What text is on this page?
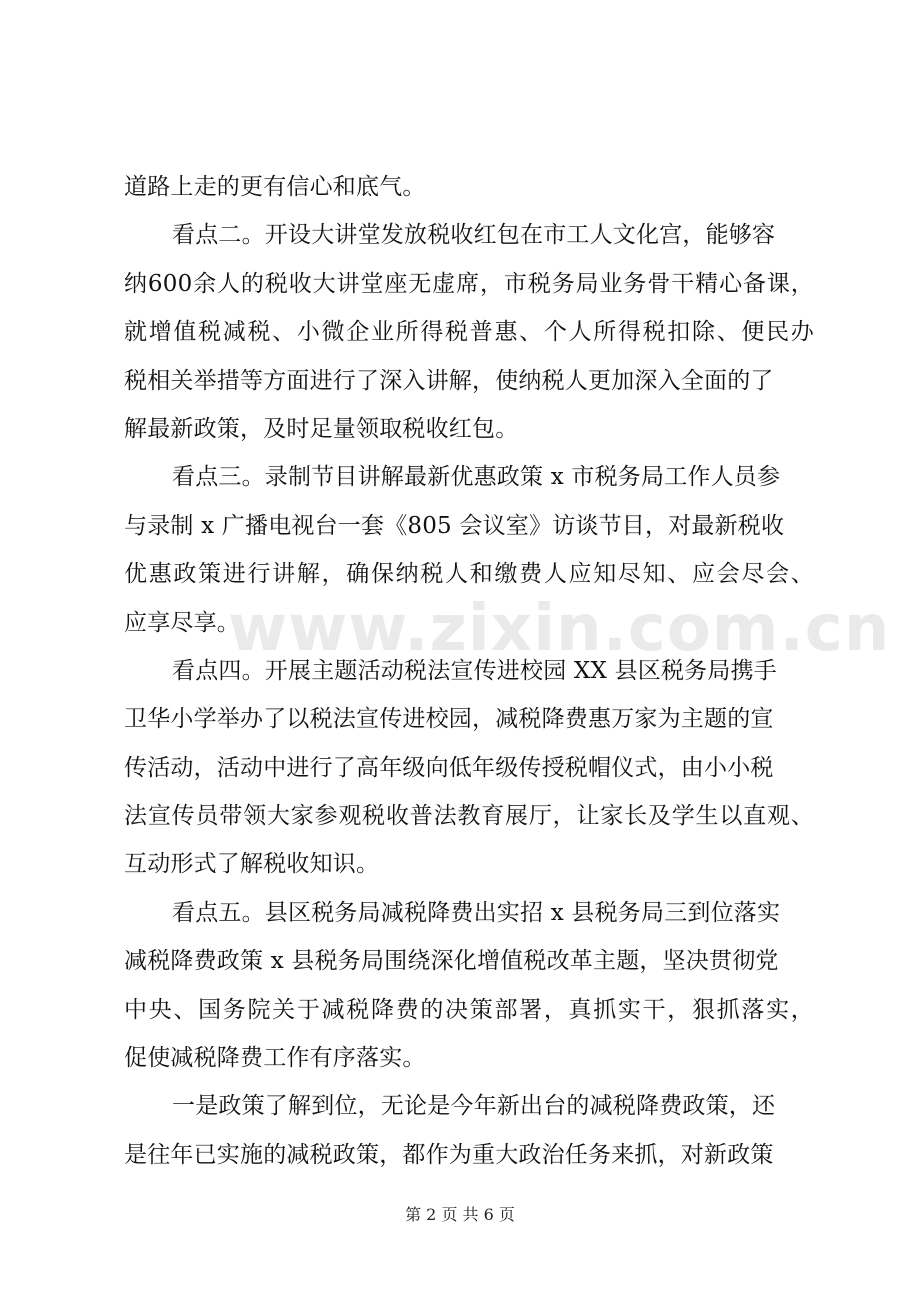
www.zixin.com.cn
道路上走的更有信心和底气。
看点二。开设大讲堂发放税收红包在市工人文化宫，能够容
纳600余人的税收大讲堂座无虚席，市税务局业务骨干精心备课，
就增值税减税、小微企业所得税普惠、个人所得税扣除、便民办
税相关举措等方面进行了深入讲解，使纳税人更加深入全面的了
解最新政策，及时足量领取税收红包。
看点三。录制节目讲解最新优惠政策 x 市税务局工作人员参
与录制 x 广播电视台一套《805 会议室》访谈节目，对最新税收
优惠政策进行讲解，确保纳税人和缴费人应知尽知、应会尽会、
应享尽享。
看点四。开展主题活动税法宣传进校园 XX 县区税务局携手
卫华小学举办了以税法宣传进校园，减税降费惠万家为主题的宣
传活动，活动中进行了高年级向低年级传授税帽仪式，由小小税
法宣传员带领大家参观税收普法教育展厅，让家长及学生以直观、
互动形式了解税收知识。
看点五。县区税务局减税降费出实招 x 县税务局三到位落实
减税降费政策 x 县税务局围绕深化增值税改革主题，坚决贯彻党
中央、国务院关于减税降费的决策部署，真抓实干，狠抓落实，
促使减税降费工作有序落实。
一是政策了解到位，无论是今年新出台的减税降费政策，还
是往年已实施的减税政策，都作为重大政治任务来抓，对新政策
第 2 页 共 6 页
